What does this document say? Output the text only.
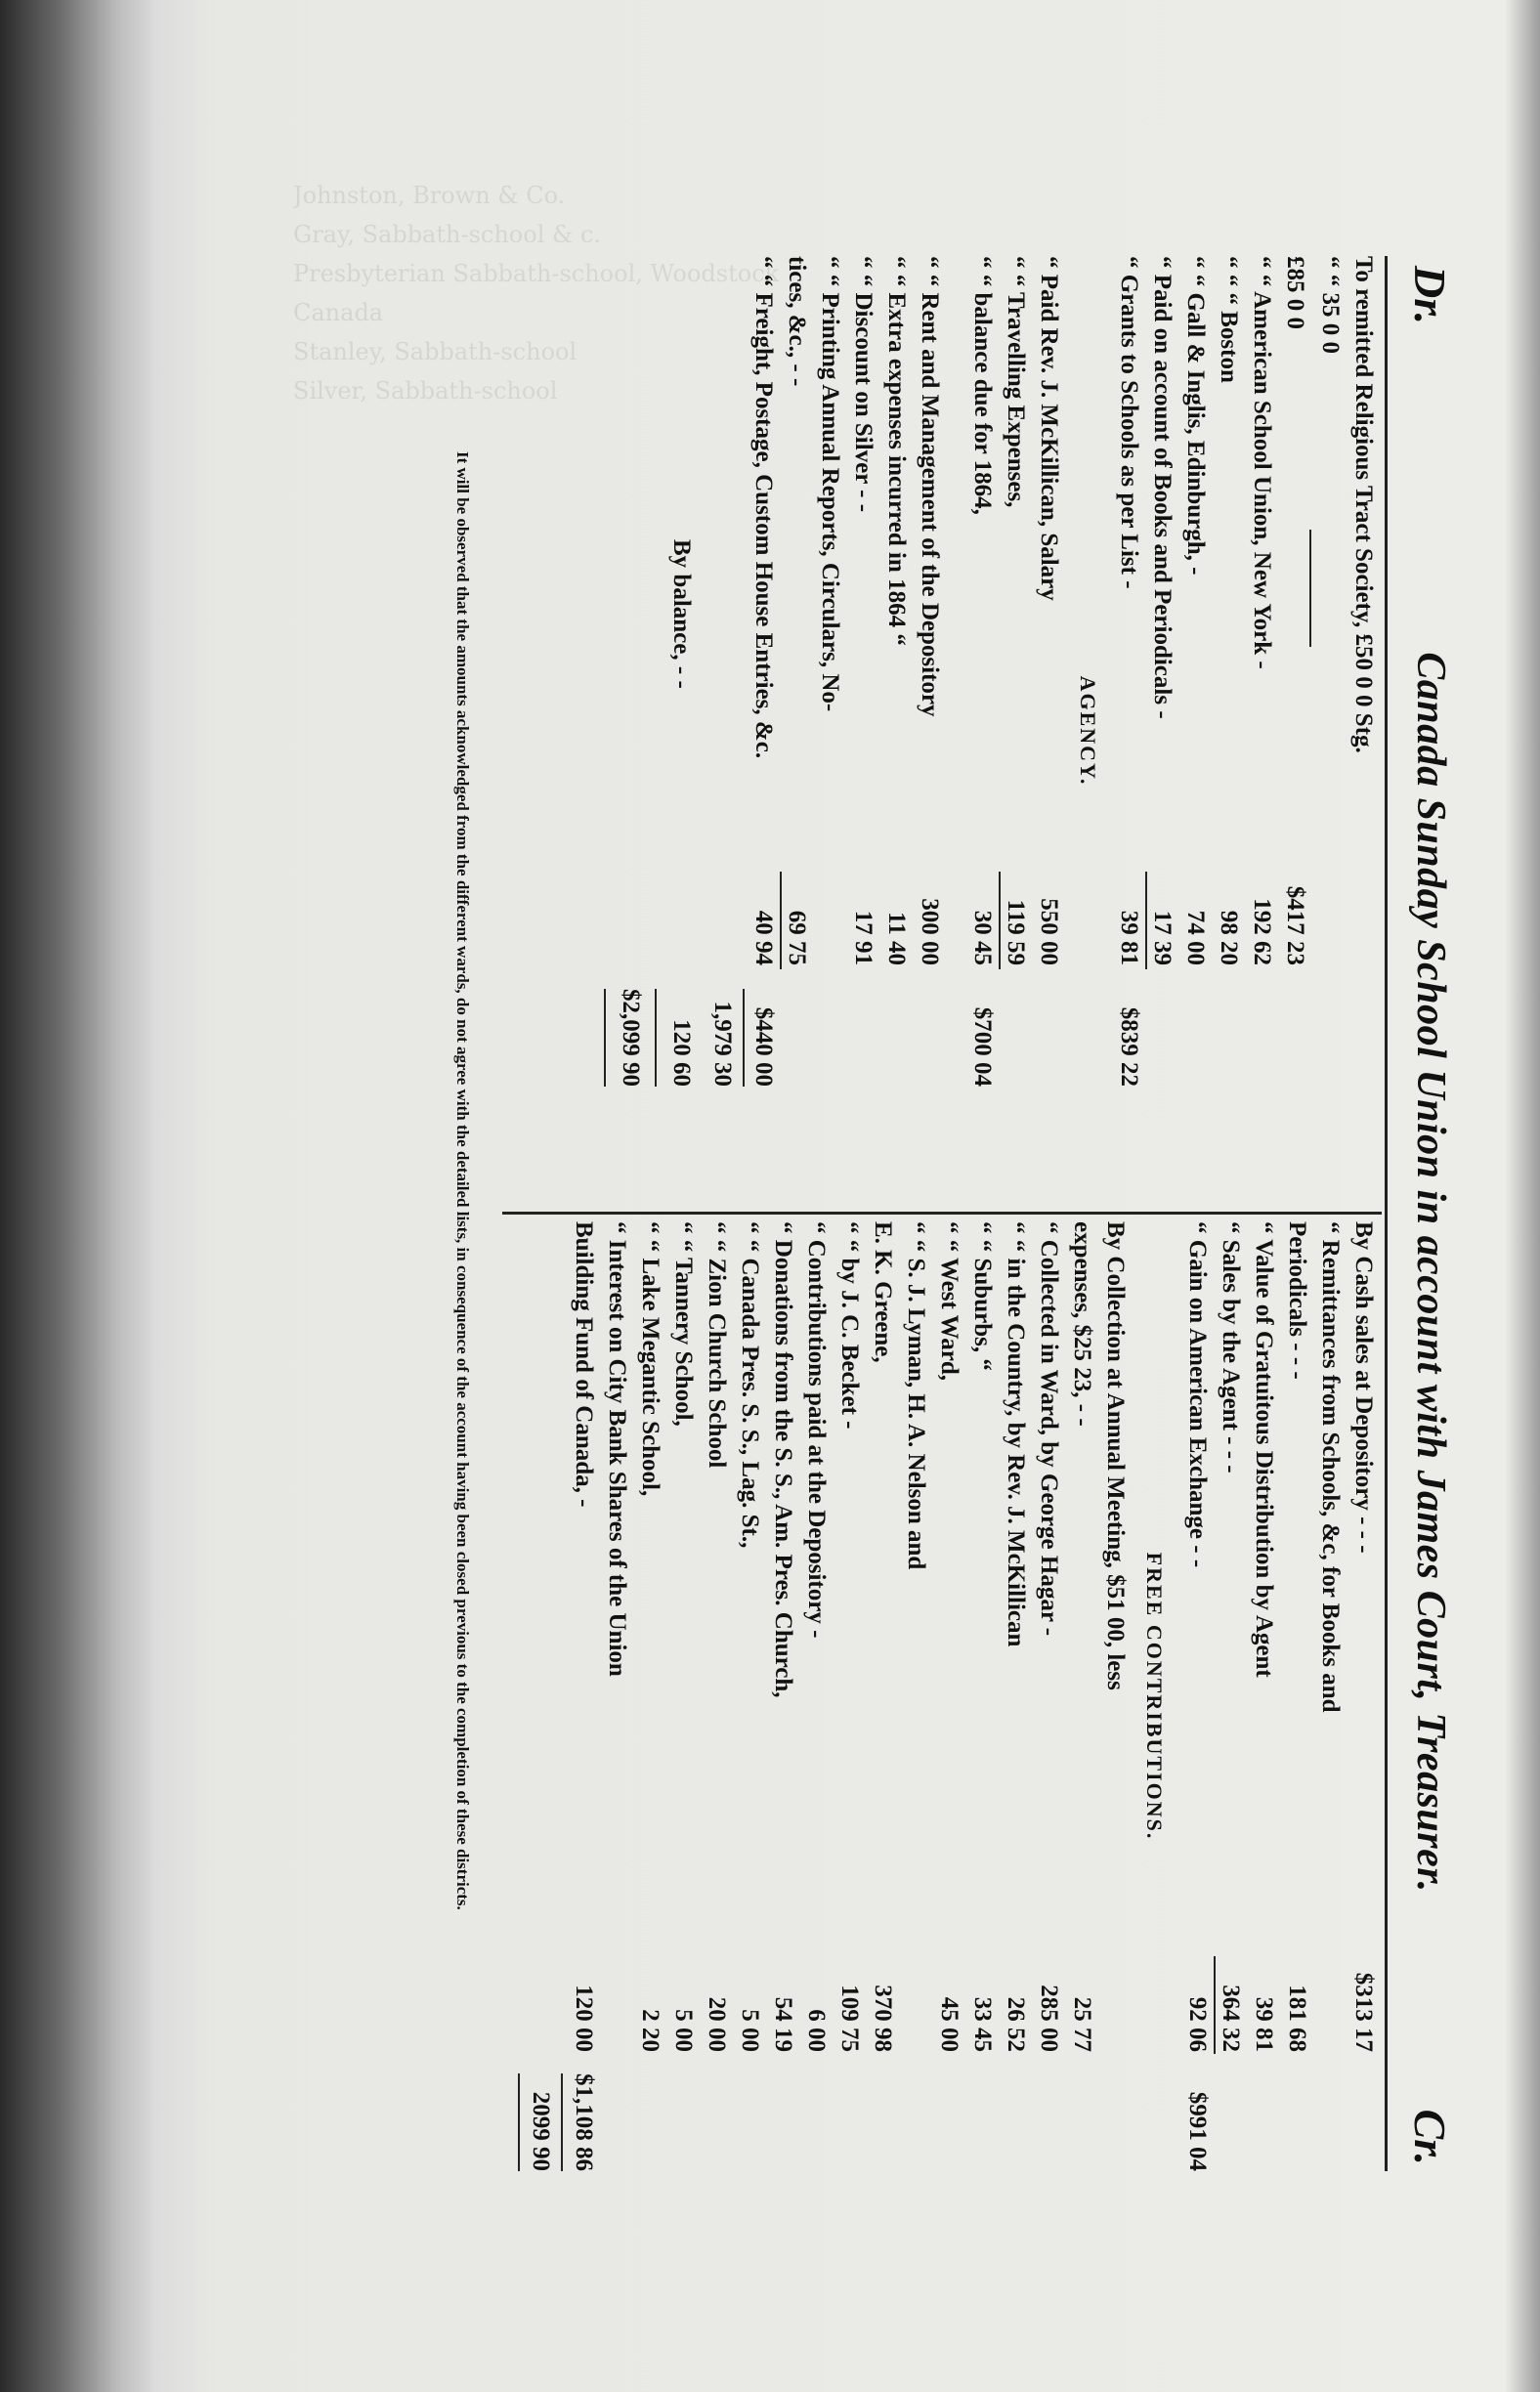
Johnston, Brown & Co.
Gray, Sabbath-school & c.
Presbyterian Sabbath-school, Woodstock
Canada
Stanley, Sabbath-school
Silver, Sabbath-school

Dr.
Canada Sunday School Union in account with James Court, Treasurer.
Cr.
To remitted Religious Tract Society, £50 0 0 Stg.
“ “ 35 0 0
£85 0 0
$417 23
“ “ American School Union, New York -
192 62
“ “ “ Boston
98 20
“ “ Gall & Inglis, Edinburgh, -
74 00
“ Paid on account of Books and Periodicals -
17 39
“ Grants to Schools as per List -
39 81
$839 22
AGENCY.
“ Paid Rev. J. McKillican, Salary
550 00
“ “ Travelling Expenses,
119 59
“ “ balance due for 1864,
30 45
$700 04
“ “ Rent and Management of the Depository
300 00
“ “ Extra expenses incurred in 1864 “
11 40
“ “ Discount on Silver - -
17 91
“ “ Printing Annual Reports, Circulars, No-
tices, &c., - -
69 75
“ “ Freight, Postage, Custom House Entries, &c.
40 94
$440 00
1,979 30
By balance, - -
120 60
$2,099 90
By Cash sales at Depository - - -
$313 17
“ Remittances from Schools, &c, for Books and
Periodicals - - -
181 68
“ Value of Gratuitous Distribution by Agent
39 81
“ Sales by the Agent - - -
364 32
“ Gain on American Exchange - -
92 06
$991 04
FREE CONTRIBUTIONS.
By Collection at Annual Meeting, $51 00, less
expenses, $25 23, - -
25 77
“ Collected in Ward, by George Hagar -
285 00
“ “ in the Country, by Rev. J. McKillican
26 52
“ “ Suburbs, “
33 45
“ “ West Ward,
45 00
“ “ S. J. Lyman, H. A. Nelson and
E. K. Greene,
370 98
“ “ by J. C. Becket -
109 75
“ Contributions paid at the Depository -
6 00
“ Donations from the S. S., Am. Pres. Church,
54 19
“ “ Canada Pres. S. S., Lag. St.,
5 00
“ “ Zion Church School
20 00
“ “ Tannery School,
5 00
“ “ Lake Megantic School,
2 20
“ Interest on City Bank Shares of the Union
Building Fund of Canada, -
120 00
$1,108 86
2099 90
It will be observed that the amounts acknowledged from the different wards, do not agree with the detailed lists, in consequence of the account having been closed previous to the completion of these districts.
